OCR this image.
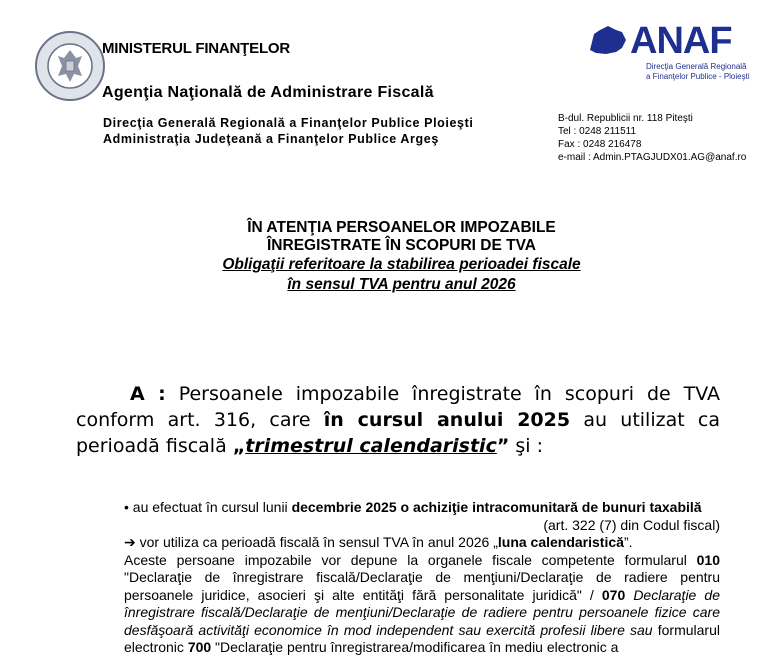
MINISTERUL FINANŢELOR
Agenţia Naţională de Administrare Fiscală
Direcţia Generală Regională a Finanţelor Publice Ploieşti
Administraţia Judeţeană a Finanţelor Publice Argeş
ANAF
Direcţia Generală Regională
a Finanţelor Publice - Ploieşti
B-dul. Republicii nr. 118 Piteşti
Tel : 0248 211511
Fax : 0248 216478
e-mail : Admin.PTAGJUDX01.AG@anaf.ro
ÎN ATENŢIA PERSOANELOR IMPOZABILE
ÎNREGISTRATE ÎN SCOPURI DE TVA
Obligaţii referitoare la stabilirea perioadei fiscale
în sensul TVA pentru anul 2026
A : Persoanele impozabile înregistrate în scopuri de TVA conform art. 316, care în cursul anului 2025 au utilizat ca perioadă fiscală „trimestrul calendaristic” şi :

• au efectuat în cursul lunii decembrie 2025 o achiziţie intracomunitară de bunuri taxabilă
(art. 322 (7) din Codul fiscal)

➔ vor utiliza ca perioadă fiscală în sensul TVA în anul 2026 „luna calendaristică”.

Aceste persoane impozabile vor depune la organele fiscale competente formularul 010 "Declaraţie de înregistrare fiscală/Declaraţie de menţiuni/Declaraţie de radiere pentru persoanele juridice, asocieri şi alte entităţi fără personalitate juridică" / 070 Declaraţie de înregistrare fiscală/Declaraţie de menţiuni/Declaraţie de radiere pentru persoanele fizice care desfăşoară activităţi economice în mod independent sau exercită profesii libere sau formularul electronic 700 "Declaraţie pentru înregistrarea/modificarea în mediu electronic a
